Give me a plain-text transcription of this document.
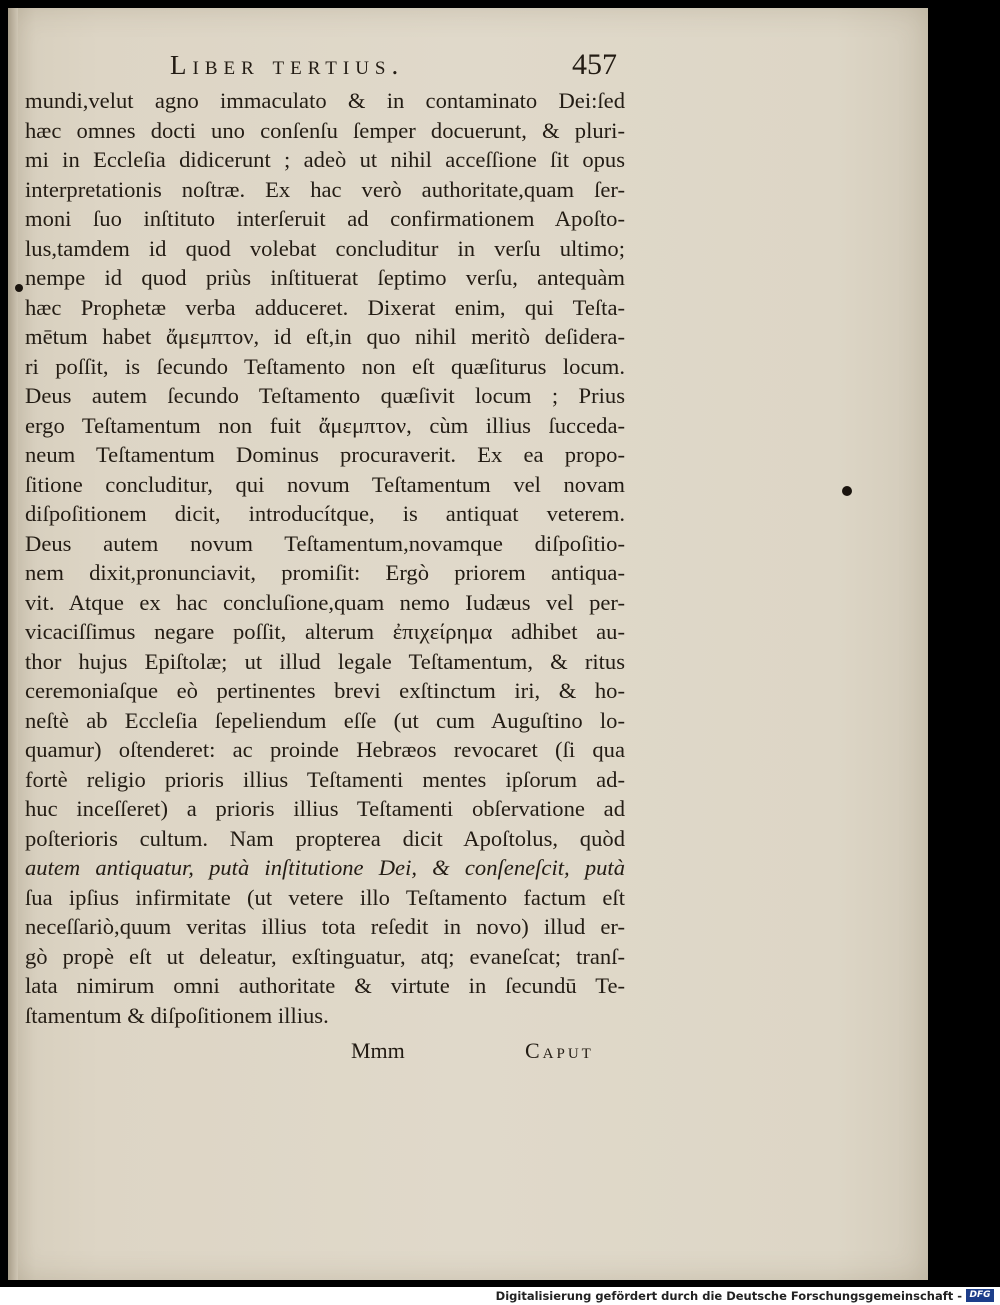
Liber tertius.	457
mundi,velut agno immaculato & in contaminato Dei:ſed
hæc omnes docti uno conſenſu ſemper docuerunt, & pluri-
mi in Eccleſia didicerunt ; adeò ut nihil acceſſione ſit opus
interpretationis noſtræ. Ex hac verò authoritate,quam ſer-
moni ſuo inſtituto interſeruit ad confirmationem Apoſto-
lus,tamdem id quod volebat concluditur in verſu ultimo;
nempe id quod priùs inſtituerat ſeptimo verſu, antequàm
hæc Prophetæ verba adduceret. Dixerat enim, qui Teſta-
mētum habet ἄμεμπτον, id eſt,in quo nihil meritò deſidera-
ri poſſit, is ſecundo Teſtamento non eſt quæſiturus locum.
Deus autem ſecundo Teſtamento quæſivit locum ; Prius
ergo Teſtamentum non fuit ἄμεμπτον, cùm illius ſucceda-
neum Teſtamentum Dominus procuraverit. Ex ea propo-
ſitione concluditur, qui novum Teſtamentum vel novam
diſpoſitionem dicit, introducítque, is antiquat veterem.
Deus autem novum Teſtamentum,novamque diſpoſitio-
nem dixit,pronunciavit, promiſit: Ergò priorem antiqua-
vit. Atque ex hac concluſione,quam nemo Iudæus vel per-
vicaciſſimus negare poſſit, alterum ἐπιχείρημα adhibet au-
thor hujus Epiſtolæ; ut illud legale Teſtamentum, & ritus
ceremoniaſque eò pertinentes brevi exſtinctum iri, & ho-
neſtè ab Eccleſia ſepeliendum eſſe (ut cum Auguſtino lo-
quamur) oſtenderet: ac proinde Hebræos revocaret (ſi qua
fortè religio prioris illius Teſtamenti mentes ipſorum ad-
huc inceſſeret) a prioris illius Teſtamenti obſervatione ad
poſterioris cultum. Nam propterea dicit Apoſtolus, quòd
autem antiquatur, putà inſtitutione Dei, & conſeneſcit, putà
ſua ipſius infirmitate (ut vetere illo Teſtamento factum eſt
neceſſariò,quum veritas illius tota reſedit in novo) illud er-
gò propè eſt ut deleatur, exſtinguatur, atq; evaneſcat; tranſ-
lata nimirum omni authoritate & virtute in ſecundū Te-
ſtamentum & diſpoſitionem illius.
Mmm	Caput
Digitalisierung gefördert durch die Deutsche Forschungsgemeinschaft - DFG
